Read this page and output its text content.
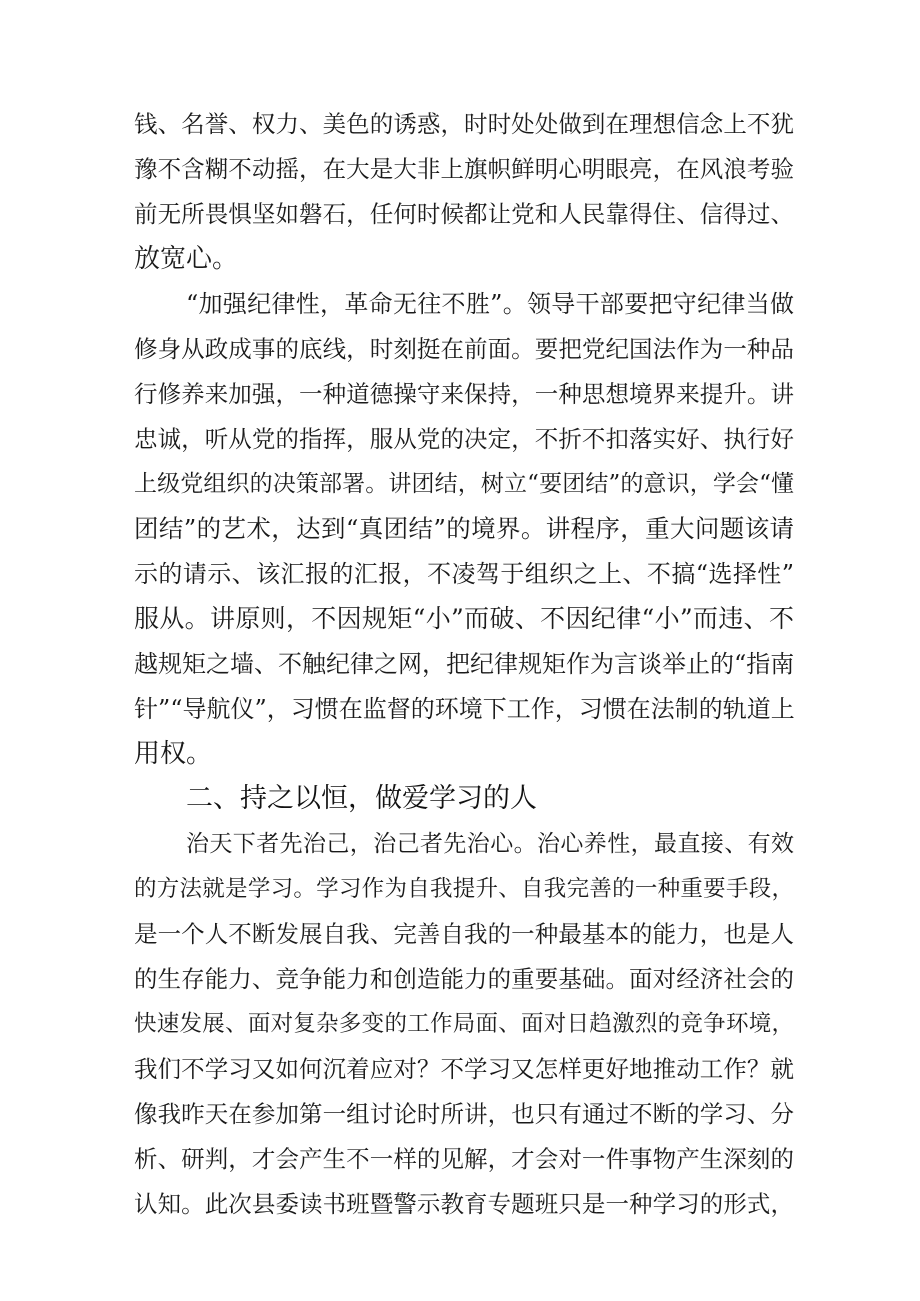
钱、名誉、权力、美色的诱惑，时时处处做到在理想信念上不犹
豫不含糊不动摇，在大是大非上旗帜鲜明心明眼亮，在风浪考验
前无所畏惧坚如磐石，任何时候都让党和人民靠得住、信得过、
放宽心。
“加强纪律性，革命无往不胜”。领导干部要把守纪律当做
修身从政成事的底线，时刻挺在前面。要把党纪国法作为一种品
行修养来加强，一种道德操守来保持，一种思想境界来提升。讲
忠诚，听从党的指挥，服从党的决定，不折不扣落实好、执行好
上级党组织的决策部署。讲团结，树立“要团结”的意识，学会“懂
团结”的艺术，达到“真团结”的境界。讲程序，重大问题该请
示的请示、该汇报的汇报，不凌驾于组织之上、不搞“选择性”
服从。讲原则，不因规矩“小”而破、不因纪律“小”而违、不
越规矩之墙、不触纪律之网，把纪律规矩作为言谈举止的“指南
针”“导航仪”，习惯在监督的环境下工作，习惯在法制的轨道上
用权。
二、持之以恒，做爱学习的人
治天下者先治己，治己者先治心。治心养性，最直接、有效
的方法就是学习。学习作为自我提升、自我完善的一种重要手段，
是一个人不断发展自我、完善自我的一种最基本的能力，也是人
的生存能力、竞争能力和创造能力的重要基础。面对经济社会的
快速发展、面对复杂多变的工作局面、面对日趋激烈的竞争环境，
我们不学习又如何沉着应对？不学习又怎样更好地推动工作？就
像我昨天在参加第一组讨论时所讲，也只有通过不断的学习、分
析、研判，才会产生不一样的见解，才会对一件事物产生深刻的
认知。此次县委读书班暨警示教育专题班只是一种学习的形式，
